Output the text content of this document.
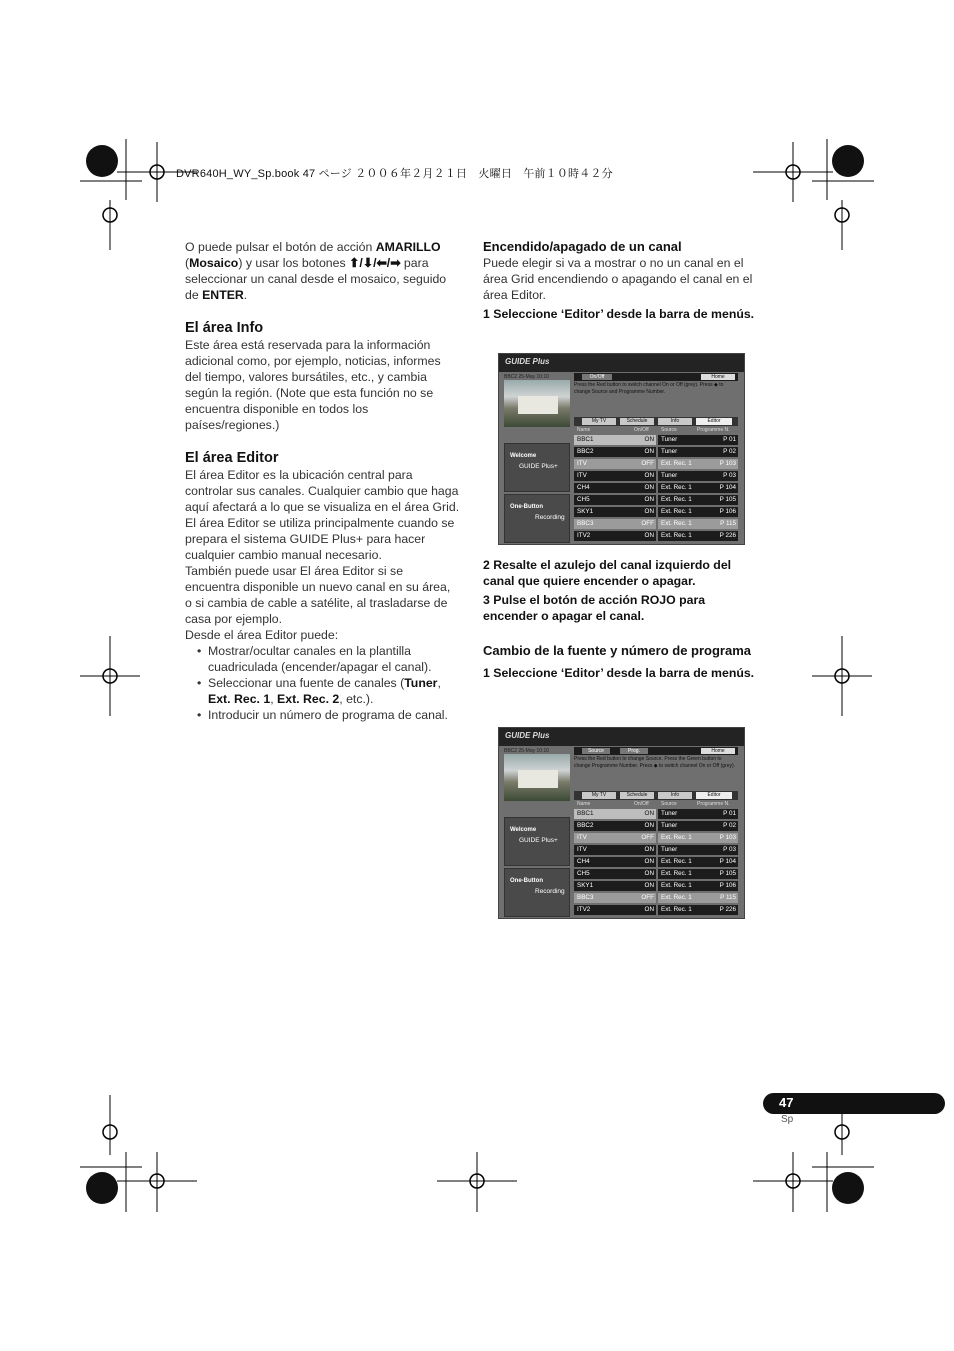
DVR640H_WY_Sp.book 47 ページ ２００６年２月２１日　火曜日　午前１０時４２分

O puede pulsar el botón de acción AMARILLO (Mosaico) y usar los botones ⬆/⬇/⬅/➡ para seleccionar un canal desde el mosaico, seguido de ENTER.

El área Info

Este área está reservada para la información adicional como, por ejemplo, noticias, informes del tiempo, valores bursátiles, etc., y cambia según la región. (Note que esta función no se encuentra disponible en todos los países/regiones.)

El área Editor

El área Editor es la ubicación central para controlar sus canales. Cualquier cambio que haga aquí afectará a lo que se visualiza en el área Grid. El área Editor se utiliza principalmente cuando se prepara el sistema GUIDE Plus+ para hacer cualquier cambio manual necesario.

También puede usar El área Editor si se encuentra disponible un nuevo canal en su área, o si cambia de cable a satélite, al trasladarse de casa por ejemplo.

Desde el área Editor puede:

• Mostrar/ocultar canales en la plantilla cuadriculada (encender/apagar el canal).
• Seleccionar una fuente de canales (Tuner, Ext. Rec. 1, Ext. Rec. 2, etc.).
• Introducir un número de programa de canal.
Encendido/apagado de un canal

Puede elegir si va a mostrar o no un canal en el área Grid encendiendo o apagando el canal en el área Editor.

1 Seleccione ‘Editor’ desde la barra de menús.

2 Resalte el azulejo del canal izquierdo del canal que quiere encender o apagar.

3 Pulse el botón de acción ROJO para encender o apagar el canal.

Cambio de la fuente y número de programa

1 Seleccione ‘Editor’ desde la barra de menús.

GUIDE Plus
BBC2 25-May 10:10	On/Off	Home
Press the Red button to switch channel On or Off (grey). Press ◆ to change Source and Programme Number.
My TV	Schedule	Info	Editor
Name	On/Off Source	Programme N.
Welcome
GUIDE Plus+
One-Button
Recording
BBC1	ON	Tuner	P 01
BBC2	ON	Tuner	P 02
ITV	OFF	Ext. Rec. 1	P 103
ITV	ON	Tuner	P 03
CH4	ON	Ext. Rec. 1	P 104
CH5	ON	Ext. Rec. 1	P 105
SKY1	ON	Ext. Rec. 1	P 106
BBC3	OFF	Ext. Rec. 1	P 115
ITV2	ON	Ext. Rec. 1	P 226
GUIDE Plus
BBC2 25-May 10:10	Source	Prog.	Home
Press the Red button to change Source. Press the Green button to change Programme Number. Press ◆ to switch channel On or Off (grey).
My TV	Schedule	Info	Editor
Name	On/Off Source	Programme N.
Welcome
GUIDE Plus+
One-Button
Recording
BBC1	ON	Tuner	P 01
BBC2	ON	Tuner	P 02
ITV	OFF	Ext. Rec. 1	P 103
ITV	ON	Tuner	P 03
CH4	ON	Ext. Rec. 1	P 104
CH5	ON	Ext. Rec. 1	P 105
SKY1	ON	Ext. Rec. 1	P 106
BBC3	OFF	Ext. Rec. 1	P 115
ITV2	ON	Ext. Rec. 1	P 226
47
Sp
